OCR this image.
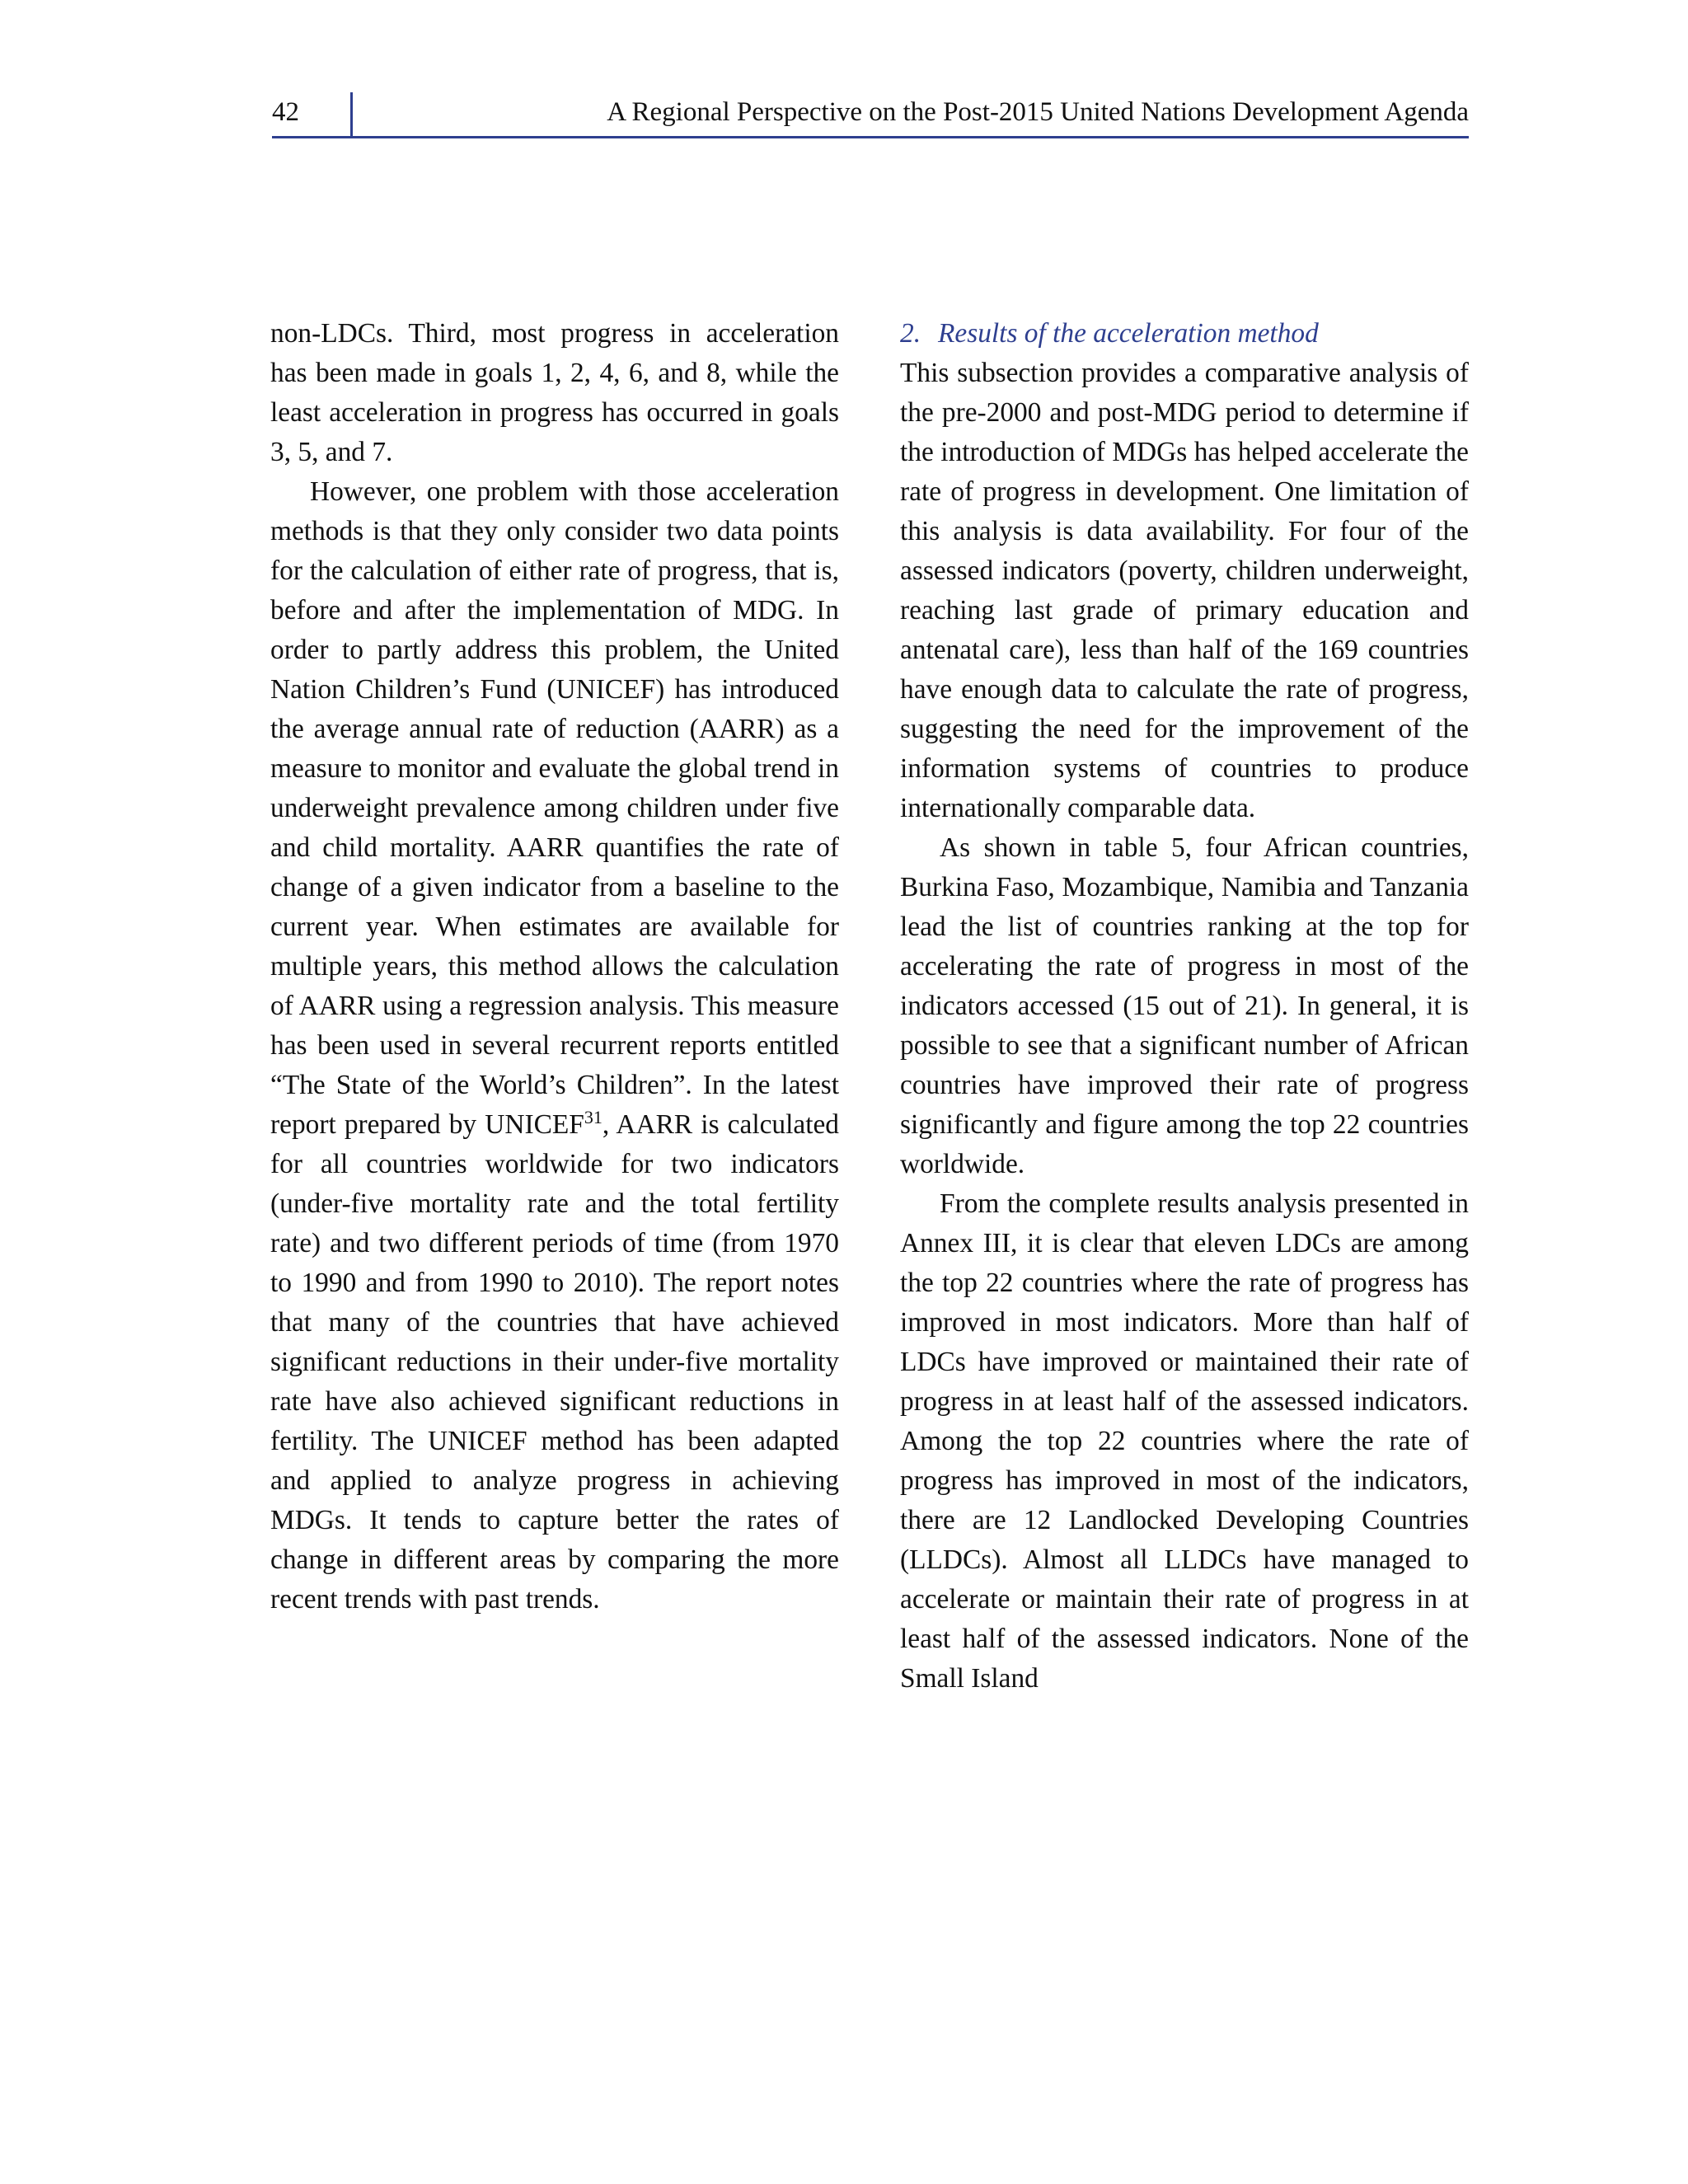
42	A Regional Perspective on the Post-2015 United Nations Development Agenda

non-LDCs. Third, most progress in acceleration has been made in goals 1, 2, 4, 6, and 8, while the least acceleration in progress has occurred in goals 3, 5, and 7.

However, one problem with those acceleration methods is that they only consider two data points for the calculation of either rate of progress, that is, before and after the implementation of MDG. In order to partly address this problem, the United Nation Children’s Fund (UNICEF) has introduced the average annual rate of reduction (AARR) as a measure to monitor and evaluate the global trend in underweight prevalence among children under five and child mortality. AARR quantifies the rate of change of a given indicator from a baseline to the current year. When estimates are available for multiple years, this method allows the calculation of AARR using a regression analysis. This measure has been used in several recurrent reports entitled “The State of the World’s Children”. In the latest report prepared by UNICEF$^{31}$, AARR is calculated for all countries worldwide for two indicators (under-five mortality rate and the total fertility rate) and two different periods of time (from 1970 to 1990 and from 1990 to 2010). The report notes that many of the countries that have achieved significant reductions in their under-five mortality rate have also achieved significant reductions in fertility. The UNICEF method has been adapted and applied to analyze progress in achieving MDGs. It tends to capture better the rates of change in different areas by comparing the more recent trends with past trends.

2. Results of the acceleration method

This subsection provides a comparative analysis of the pre-2000 and post-MDG period to determine if the introduction of MDGs has helped accelerate the rate of progress in development. One limitation of this analysis is data availability. For four of the assessed indicators (poverty, children underweight, reaching last grade of primary education and antenatal care), less than half of the 169 countries have enough data to calculate the rate of progress, suggesting the need for the improvement of the information systems of countries to produce internationally comparable data.

As shown in table 5, four African countries, Burkina Faso, Mozambique, Namibia and Tanzania lead the list of countries ranking at the top for accelerating the rate of progress in most of the indicators accessed (15 out of 21). In general, it is possible to see that a significant number of African countries have improved their rate of progress significantly and figure among the top 22 countries worldwide.

From the complete results analysis presented in Annex III, it is clear that eleven LDCs are among the top 22 countries where the rate of progress has improved in most indicators. More than half of LDCs have improved or maintained their rate of progress in at least half of the assessed indicators. Among the top 22 countries where the rate of progress has improved in most of the indicators, there are 12 Landlocked Developing Countries (LLDCs). Almost all LLDCs have managed to accelerate or maintain their rate of progress in at least half of the assessed indicators. None of the Small Island
